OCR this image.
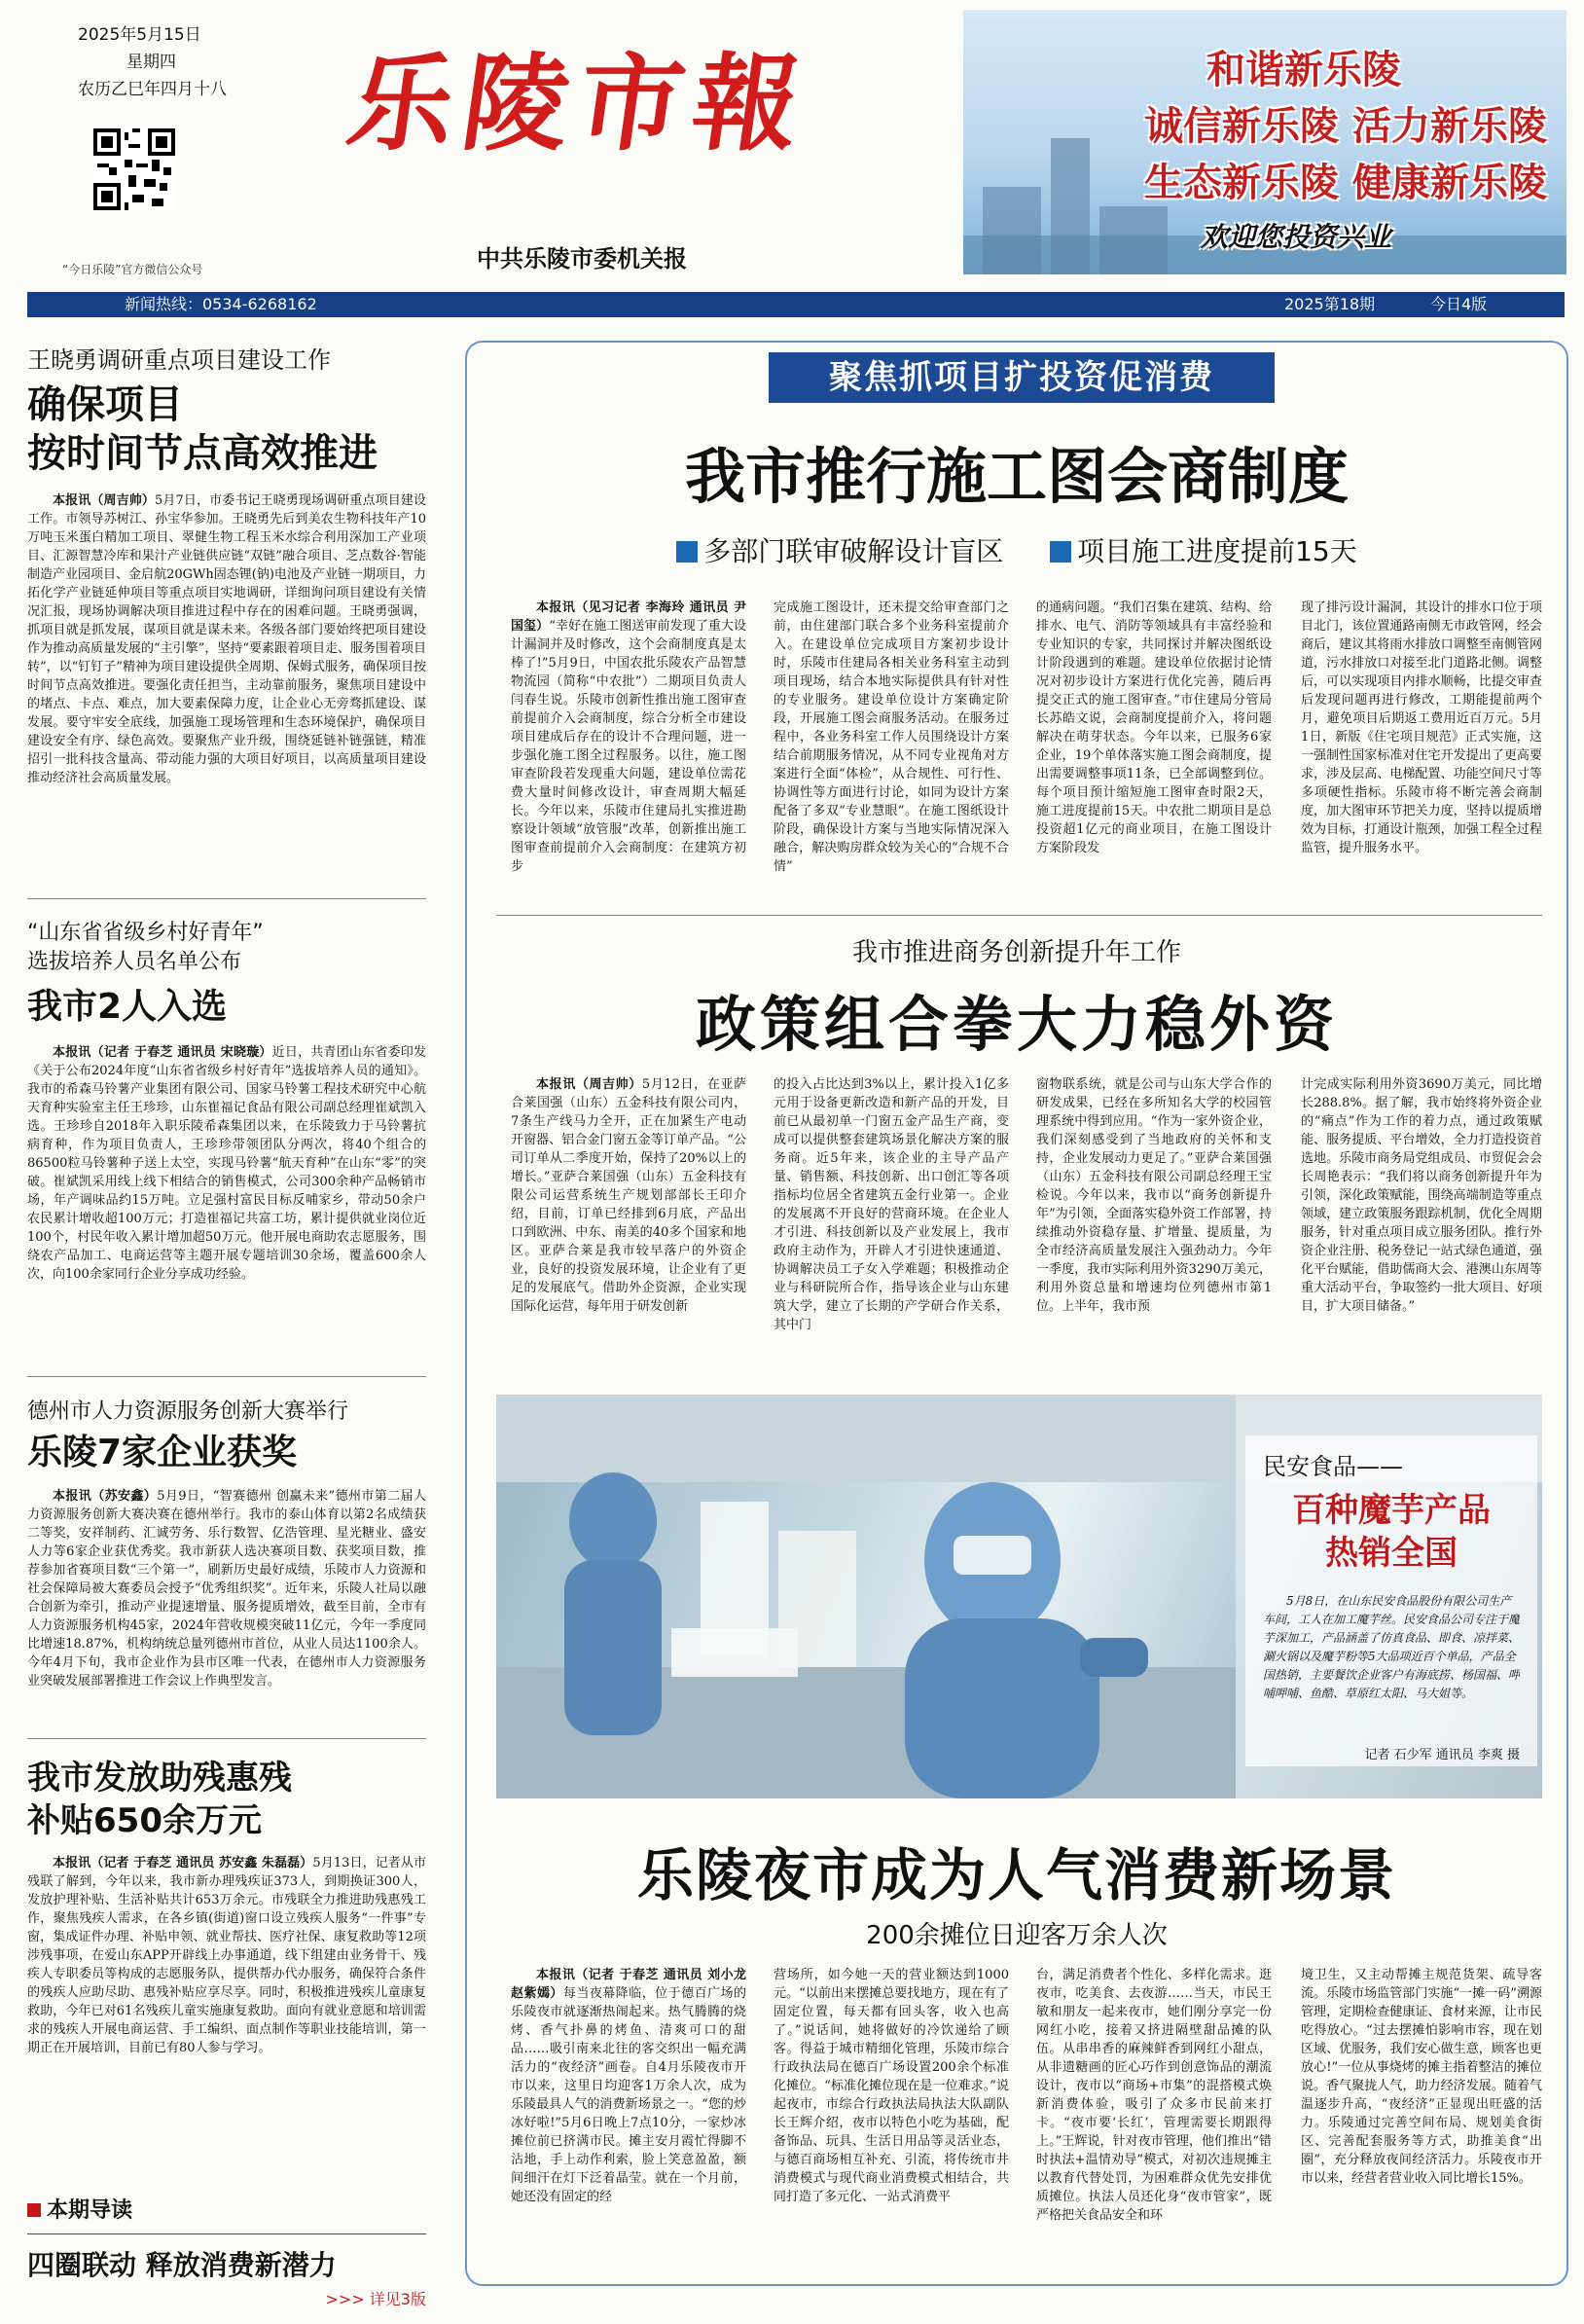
2025年5月15日
星期四
农历乙巳年四月十八
“今日乐陵”官方微信公众号
乐陵市報
中共乐陵市委机关报
和谐新乐陵
诚信新乐陵 活力新乐陵
生态新乐陵 健康新乐陵
欢迎您投资兴业
新闻热线：0534-6268162	2025第18期	今日4版
王晓勇调研重点项目建设工作
确保项目
按时间节点高效推进
本报讯（周吉帅）5月7日，市委书记王晓勇现场调研重点项目建设工作。市领导苏树江、孙宝华参加。王晓勇先后到美农生物科技年产10万吨玉米蛋白精加工项目、翠健生物工程玉米水综合利用深加工产业项目、汇源智慧冷库和果汁产业链供应链“双链”融合项目、芝点数谷·智能制造产业园项目、金启航20GWh固态锂(钠)电池及产业链一期项目，力拓化学产业链延伸项目等重点项目实地调研，详细询问项目建设有关情况汇报，现场协调解决项目推进过程中存在的困难问题。王晓勇强调，抓项目就是抓发展，谋项目就是谋未来。各级各部门要始终把项目建设作为推动高质量发展的“主引擎”，坚持“要素跟着项目走、服务围着项目转”，以“钉钉子”精神为项目建设提供全周期、保姆式服务，确保项目按时间节点高效推进。要强化责任担当，主动靠前服务，聚焦项目建设中的堵点、卡点、难点，加大要素保障力度，让企业心无旁骛抓建设、谋发展。要守牢安全底线，加强施工现场管理和生态环境保护，确保项目建设安全有序、绿色高效。要聚焦产业升级，围绕延链补链强链，精准招引一批科技含量高、带动能力强的大项目好项目，以高质量项目建设推动经济社会高质量发展。
“山东省省级乡村好青年”
选拔培养人员名单公布
我市2人入选
本报讯（记者 于春芝 通讯员 宋晓璇）近日，共青团山东省委印发《关于公布2024年度“山东省省级乡村好青年”选拔培养人员的通知》。我市的希森马铃薯产业集团有限公司、国家马铃薯工程技术研究中心航天育种实验室主任王珍珍，山东崔福记食品有限公司副总经理崔斌凯入选。王珍珍自2018年入职乐陵希森集团以来，在乐陵致力于马铃薯抗病育种，作为项目负责人，王珍珍带领团队分两次，将40个组合的86500粒马铃薯种子送上太空，实现马铃薯“航天育种”在山东“零”的突破。崔斌凯采用线上线下相结合的销售模式，公司300余种产品畅销市场，年产调味品约15万吨。立足强村富民目标反哺家乡，带动50余户农民累计增收超100万元；打造崔福记共富工坊，累计提供就业岗位近100个，村民年收入累计增加超50万元。他开展电商助农志愿服务，围绕农产品加工、电商运营等主题开展专题培训30余场，覆盖600余人次，向100余家同行企业分享成功经验。
德州市人力资源服务创新大赛举行
乐陵7家企业获奖
本报讯（苏安鑫）5月9日，“智赛德州 创赢未来”德州市第二届人力资源服务创新大赛决赛在德州举行。我市的泰山体育以第2名成绩获二等奖，安祥制药、汇诚劳务、乐行数智、亿浩管理、星光糖业、盛安人力等6家企业获优秀奖。我市新获人选决赛项目数、获奖项目数，推荐参加省赛项目数“三个第一”，刷新历史最好成绩，乐陵市人力资源和社会保障局被大赛委员会授予“优秀组织奖”。近年来，乐陵人社局以融合创新为牵引，推动产业提速增量、服务提质增效，截至目前，全市有人力资源服务机构45家，2024年营收规模突破11亿元，今年一季度同比增速18.87%，机构纳统总量列德州市首位，从业人员达1100余人。今年4月下旬，我市企业作为县市区唯一代表，在德州市人力资源服务业突破发展部署推进工作会议上作典型发言。
我市发放助残惠残
补贴650余万元
本报讯（记者 于春芝 通讯员 苏安鑫 朱磊磊）5月13日，记者从市残联了解到，今年以来，我市新办理残疾证373人，到期换证300人，发放护理补贴、生活补贴共计653万余元。市残联全力推进助残惠残工作，聚焦残疾人需求，在各乡镇(街道)窗口设立残疾人服务“一件事”专窗，集成证件办理、补贴申领、就业帮扶、医疗社保、康复救助等12项涉残事项，在爱山东APP开辟线上办事通道，线下组建由业务骨干、残疾人专职委员等构成的志愿服务队，提供帮办代办服务，确保符合条件的残疾人应助尽助、惠残补贴应享尽享。同时，积极推进残疾儿童康复救助，今年已对61名残疾儿童实施康复救助。面向有就业意愿和培训需求的残疾人开展电商运营、手工编织、面点制作等职业技能培训，第一期正在开展培训，目前已有80人参与学习。
本期导读
四圈联动 释放消费新潜力
>>> 详见3版
聚焦抓项目扩投资促消费
我市推行施工图会商制度
多部门联审破解设计盲区	项目施工进度提前15天
本报讯（见习记者 李海玲 通讯员 尹国玺）“幸好在施工图送审前发现了重大设计漏洞并及时修改，这个会商制度真是太棒了!”5月9日，中国农批乐陵农产品智慧物流园（简称“中农批”）二期项目负责人闫春生说。乐陵市创新性推出施工图审查前提前介入会商制度，综合分析全市建设项目建成后存在的设计不合理问题，进一步强化施工图全过程服务。以往，施工图审查阶段若发现重大问题，建设单位需花费大量时间修改设计，审查周期大幅延长。今年以来，乐陵市住建局扎实推进勘察设计领域“放管服”改革，创新推出施工图审查前提前介入会商制度：在建筑方初步
完成施工图设计，还未提交给审查部门之前，由住建部门联合多个业务科室提前介入。在建设单位完成项目方案初步设计时，乐陵市住建局各相关业务科室主动到项目现场，结合本地实际提供具有针对性的专业服务。建设单位设计方案确定阶段，开展施工图会商服务活动。在服务过程中，各业务科室工作人员围绕设计方案结合前期服务情况，从不同专业视角对方案进行全面“体检”，从合规性、可行性、协调性等方面进行讨论，如同为设计方案配备了多双“专业慧眼”。在施工图纸设计阶段，确保设计方案与当地实际情况深入融合，解决购房群众较为关心的“合规不合情”
的通病问题。“我们召集在建筑、结构、给排水、电气、消防等领域具有丰富经验和专业知识的专家，共同探讨并解决图纸设计阶段遇到的难题。建设单位依据讨论情况对初步设计方案进行优化完善，随后再提交正式的施工图审查。”市住建局分管局长苏皓文说，会商制度提前介入，将问题解决在萌芽状态。今年以来，已服务6家企业，19个单体落实施工图会商制度，提出需要调整事项11条，已全部调整到位。每个项目预计缩短施工图审查时限2天，施工进度提前15天。中农批二期项目是总投资超1亿元的商业项目，在施工图设计方案阶段发
现了排污设计漏洞，其设计的排水口位于项目北门，该位置通路南侧无市政管网，经会商后，建议其将雨水排放口调整至南侧管网道，污水排放口对接至北门道路北侧。调整后，可以实现项目内排水顺畅，比提交审查后发现问题再进行修改，工期能提前两个月，避免项目后期返工费用近百万元。5月1日，新版《住宅项目规范》正式实施，这一强制性国家标准对住宅开发提出了更高要求，涉及层高、电梯配置、功能空间尺寸等多项硬性指标。乐陵市将不断完善会商制度，加大图审环节把关力度，坚持以提质增效为目标，打通设计瓶颈，加强工程全过程监管，提升服务水平。
我市推进商务创新提升年工作
政策组合拳大力稳外资
本报讯（周吉帅）5月12日，在亚萨合莱国强（山东）五金科技有限公司内，7条生产线马力全开，正在加紧生产电动开窗器、铝合金门窗五金等订单产品。“公司订单从二季度开始，保持了20%以上的增长。”亚萨合莱国强（山东）五金科技有限公司运营系统生产规划部部长王印介绍，目前，订单已经排到6月底，产品出口到欧洲、中东、南美的40多个国家和地区。亚萨合莱是我市较早落户的外资企业，良好的投资发展环境，让企业有了更足的发展底气。借助外企资源，企业实现国际化运营，每年用于研发创新
的投入占比达到3%以上，累计投入1亿多元用于设备更新改造和新产品的开发，目前已从最初单一门窗五金产品生产商，变成可以提供整套建筑场景化解决方案的服务商。近5年来，该企业的主导产品产量、销售额、科技创新、出口创汇等各项指标均位居全省建筑五金行业第一。企业的发展离不开良好的营商环境。在企业人才引进、科技创新以及产业发展上，我市政府主动作为，开辟人才引进快速通道、协调解决员工子女入学难题；积极推动企业与科研院所合作，指导该企业与山东建筑大学，建立了长期的产学研合作关系，其中门
窗物联系统，就是公司与山东大学合作的研发成果，已经在多所知名大学的校园管理系统中得到应用。“作为一家外资企业，我们深刻感受到了当地政府的关怀和支持，企业发展动力更足了。”亚萨合莱国强（山东）五金科技有限公司副总经理王宝检说。今年以来，我市以“商务创新提升年”为引领，全面落实稳外资工作部署，持续推动外资稳存量、扩增量、提质量，为全市经济高质量发展注入强劲动力。今年一季度，我市实际利用外资3290万美元，利用外资总量和增速均位列德州市第1位。上半年，我市预
计完成实际利用外资3690万美元，同比增长288.8%。据了解，我市始终将外资企业的“痛点”作为工作的着力点，通过政策赋能、服务提质、平台增效，全力打造投资首选地。乐陵市商务局党组成员、市贸促会会长周艳表示：“我们将以商务创新提升年为引领，深化政策赋能，围绕高端制造等重点领域，建立政策服务跟踪机制，优化全周期服务，针对重点项目成立服务团队。推行外资企业注册、税务登记一站式绿色通道，强化平台赋能，借助儒商大会、港澳山东周等重大活动平台，争取签约一批大项目、好项目，扩大项目储备。”
民安食品——
百种魔芋产品
热销全国
5月8日，在山东民安食品股份有限公司生产车间，工人在加工魔芋丝。民安食品公司专注于魔芋深加工，产品涵盖了仿真食品、即食、凉拌菜、涮火锅以及魔芋粉等5大品项近百个单品，产品全国热销，主要餐饮企业客户有海底捞、杨国福、呷哺呷哺、鱼酷、草原红太阳、马大姐等。
记者 石少军 通讯员 李爽 摄
乐陵夜市成为人气消费新场景
200余摊位日迎客万余人次
本报讯（记者 于春芝 通讯员 刘小龙 赵紫嫣）每当夜幕降临，位于德百广场的乐陵夜市就逐渐热闹起来。热气腾腾的烧烤、香气扑鼻的烤鱼、清爽可口的甜品……吸引南来北往的客交织出一幅充满活力的“夜经济”画卷。自4月乐陵夜市开市以来，这里日均迎客1万余人次，成为乐陵最具人气的消费新场景之一。“您的炒冰好啦!”5月6日晚上7点10分，一家炒冰摊位前已挤满市民。摊主安月霞忙得脚不沾地，手上动作利索，脸上笑意盈盈，额间细汗在灯下泛着晶莹。就在一个月前，她还没有固定的经
营场所，如今她一天的营业额达到1000元。“以前出来摆摊总要找地方，现在有了固定位置，每天都有回头客，收入也高了。”说话间，她将做好的冷饮递给了顾客。得益于城市精细化管理，乐陵市综合行政执法局在德百广场设置200余个标准化摊位。“标准化摊位现在是一位难求。”说起夜市，市综合行政执法局执法大队副队长王辉介绍，夜市以特色小吃为基础，配备饰品、玩具、生活日用品等灵活业态，与德百商场相互补充、引流，将传统市井消费模式与现代商业消费模式相结合，共同打造了多元化、一站式消费平
台，满足消费者个性化、多样化需求。逛夜市，吃美食、去夜游……当天，市民王敏和朋友一起来夜市，她们刚分享完一份网红小吃，接着又挤进隔壁甜品摊的队伍。从串串香的麻辣鲜香到网红小甜点，从非遗糖画的匠心巧作到创意饰品的潮流设计，夜市以“商场+市集”的混搭模式焕新消费体验，吸引了众多市民前来打卡。“夜市要‘长红’，管理需要长期跟得上。”王辉说，针对夜市管理，他们推出“错时执法+温情劝导”模式，对初次违规摊主以教育代替处罚，为困难群众优先安排优质摊位。执法人员还化身“夜市管家”，既严格把关食品安全和环
境卫生，又主动帮摊主规范货架、疏导客流。乐陵市场监管部门实施“一摊一码”溯源管理，定期检查健康证、食材来源，让市民吃得放心。“过去摆摊怕影响市容，现在划区域、优服务，我们安心做生意，顾客也更放心!”一位从事烧烤的摊主指着整洁的摊位说。香气聚拢人气，助力经济发展。随着气温逐步升高，“夜经济”正显现出旺盛的活力。乐陵通过完善空间布局、规划美食街区、完善配套服务等方式，助推美食“出圈”，充分释放夜间经济活力。乐陵夜市开市以来，经营者营业收入同比增长15%。
